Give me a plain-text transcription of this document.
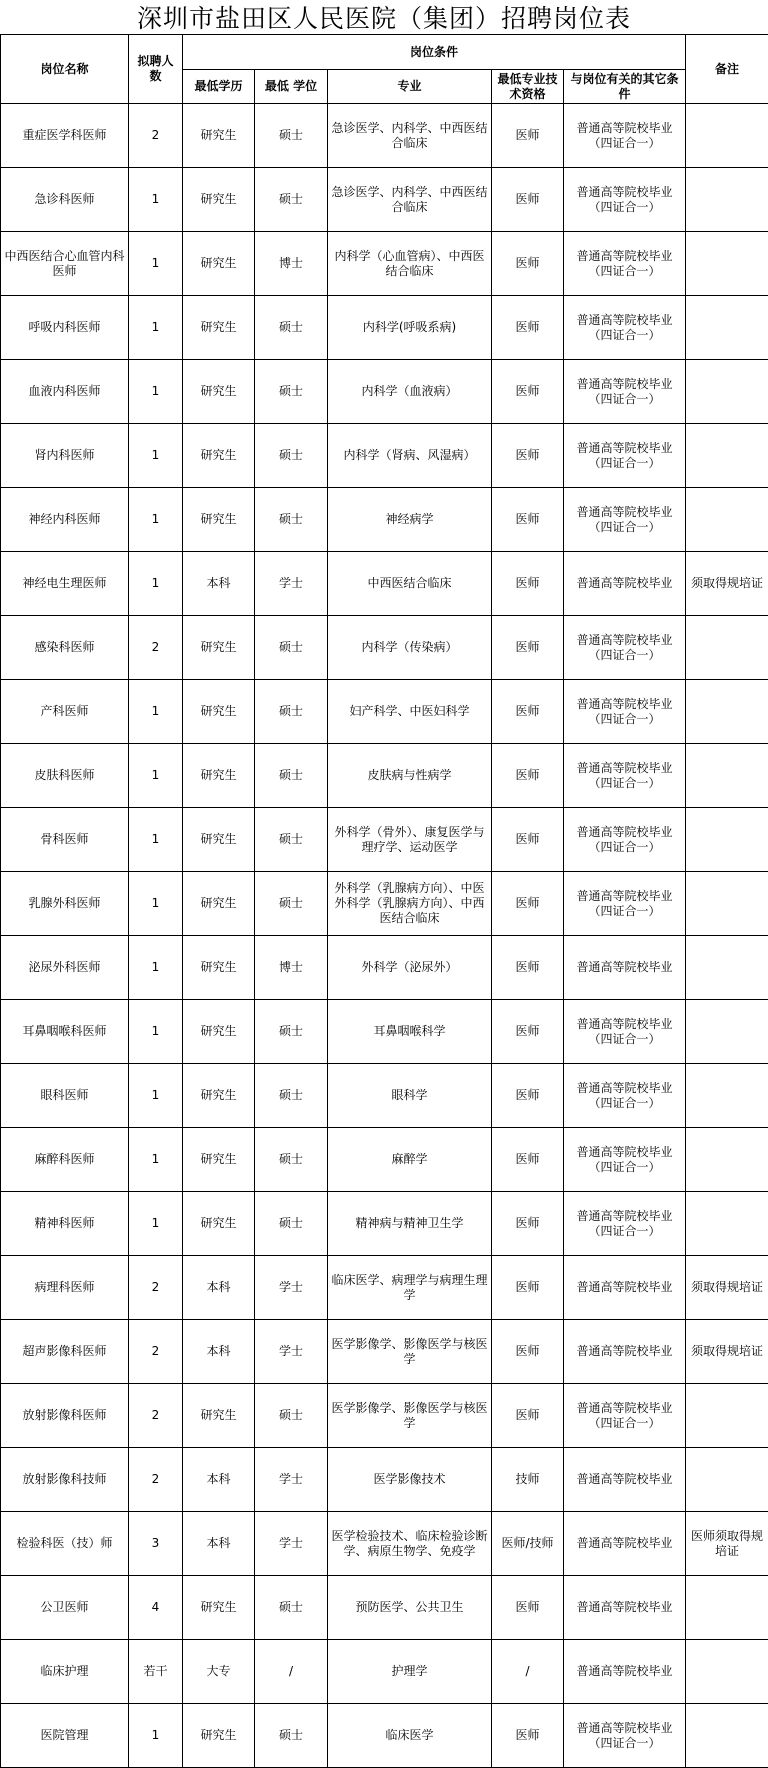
深圳市盐田区人民医院（集团）招聘岗位表
岗位名称	拟聘人数	岗位条件					备注
		最低学历	最低 学位	专业	最低专业技术资格	与岗位有关的其它条件	
重症医学科医师	2	研究生	硕士	急诊医学、内科学、中西医结合临床	医师	普通高等院校毕业（四证合一）	
急诊科医师	1	研究生	硕士	急诊医学、内科学、中西医结合临床	医师	普通高等院校毕业（四证合一）	
中西医结合心血管内科医师	1	研究生	博士	内科学（心血管病）、中西医结合临床	医师	普通高等院校毕业（四证合一）	
呼吸内科医师	1	研究生	硕士	内科学(呼吸系病)	医师	普通高等院校毕业（四证合一）	
血液内科医师	1	研究生	硕士	内科学（血液病）	医师	普通高等院校毕业（四证合一）	
肾内科医师	1	研究生	硕士	内科学（肾病、风湿病）	医师	普通高等院校毕业（四证合一）	
神经内科医师	1	研究生	硕士	神经病学	医师	普通高等院校毕业（四证合一）	
神经电生理医师	1	本科	学士	中西医结合临床	医师	普通高等院校毕业	须取得规培证
感染科医师	2	研究生	硕士	内科学（传染病）	医师	普通高等院校毕业（四证合一）	
产科医师	1	研究生	硕士	妇产科学、中医妇科学	医师	普通高等院校毕业（四证合一）	
皮肤科医师	1	研究生	硕士	皮肤病与性病学	医师	普通高等院校毕业（四证合一）	
骨科医师	1	研究生	硕士	外科学（骨外）、康复医学与理疗学、运动医学	医师	普通高等院校毕业（四证合一）	
乳腺外科医师	1	研究生	硕士	外科学（乳腺病方向）、中医外科学（乳腺病方向）、中西医结合临床	医师	普通高等院校毕业（四证合一）	
泌尿外科医师	1	研究生	博士	外科学（泌尿外）	医师	普通高等院校毕业	
耳鼻咽喉科医师	1	研究生	硕士	耳鼻咽喉科学	医师	普通高等院校毕业（四证合一）	
眼科医师	1	研究生	硕士	眼科学	医师	普通高等院校毕业（四证合一）	
麻醉科医师	1	研究生	硕士	麻醉学	医师	普通高等院校毕业（四证合一）	
精神科医师	1	研究生	硕士	精神病与精神卫生学	医师	普通高等院校毕业（四证合一）	
病理科医师	2	本科	学士	临床医学、病理学与病理生理学	医师	普通高等院校毕业	须取得规培证
超声影像科医师	2	本科	学士	医学影像学、影像医学与核医学	医师	普通高等院校毕业	须取得规培证
放射影像科医师	2	研究生	硕士	医学影像学、影像医学与核医学	医师	普通高等院校毕业（四证合一）	
放射影像科技师	2	本科	学士	医学影像技术	技师	普通高等院校毕业	
检验科医（技）师	3	本科	学士	医学检验技术、临床检验诊断学、病原生物学、免疫学	医师/技师	普通高等院校毕业	医师须取得规培证
公卫医师	4	研究生	硕士	预防医学、公共卫生	医师	普通高等院校毕业	
临床护理	若干	大专	/	护理学	/	普通高等院校毕业	
医院管理	1	研究生	硕士	临床医学	医师	普通高等院校毕业（四证合一）	
